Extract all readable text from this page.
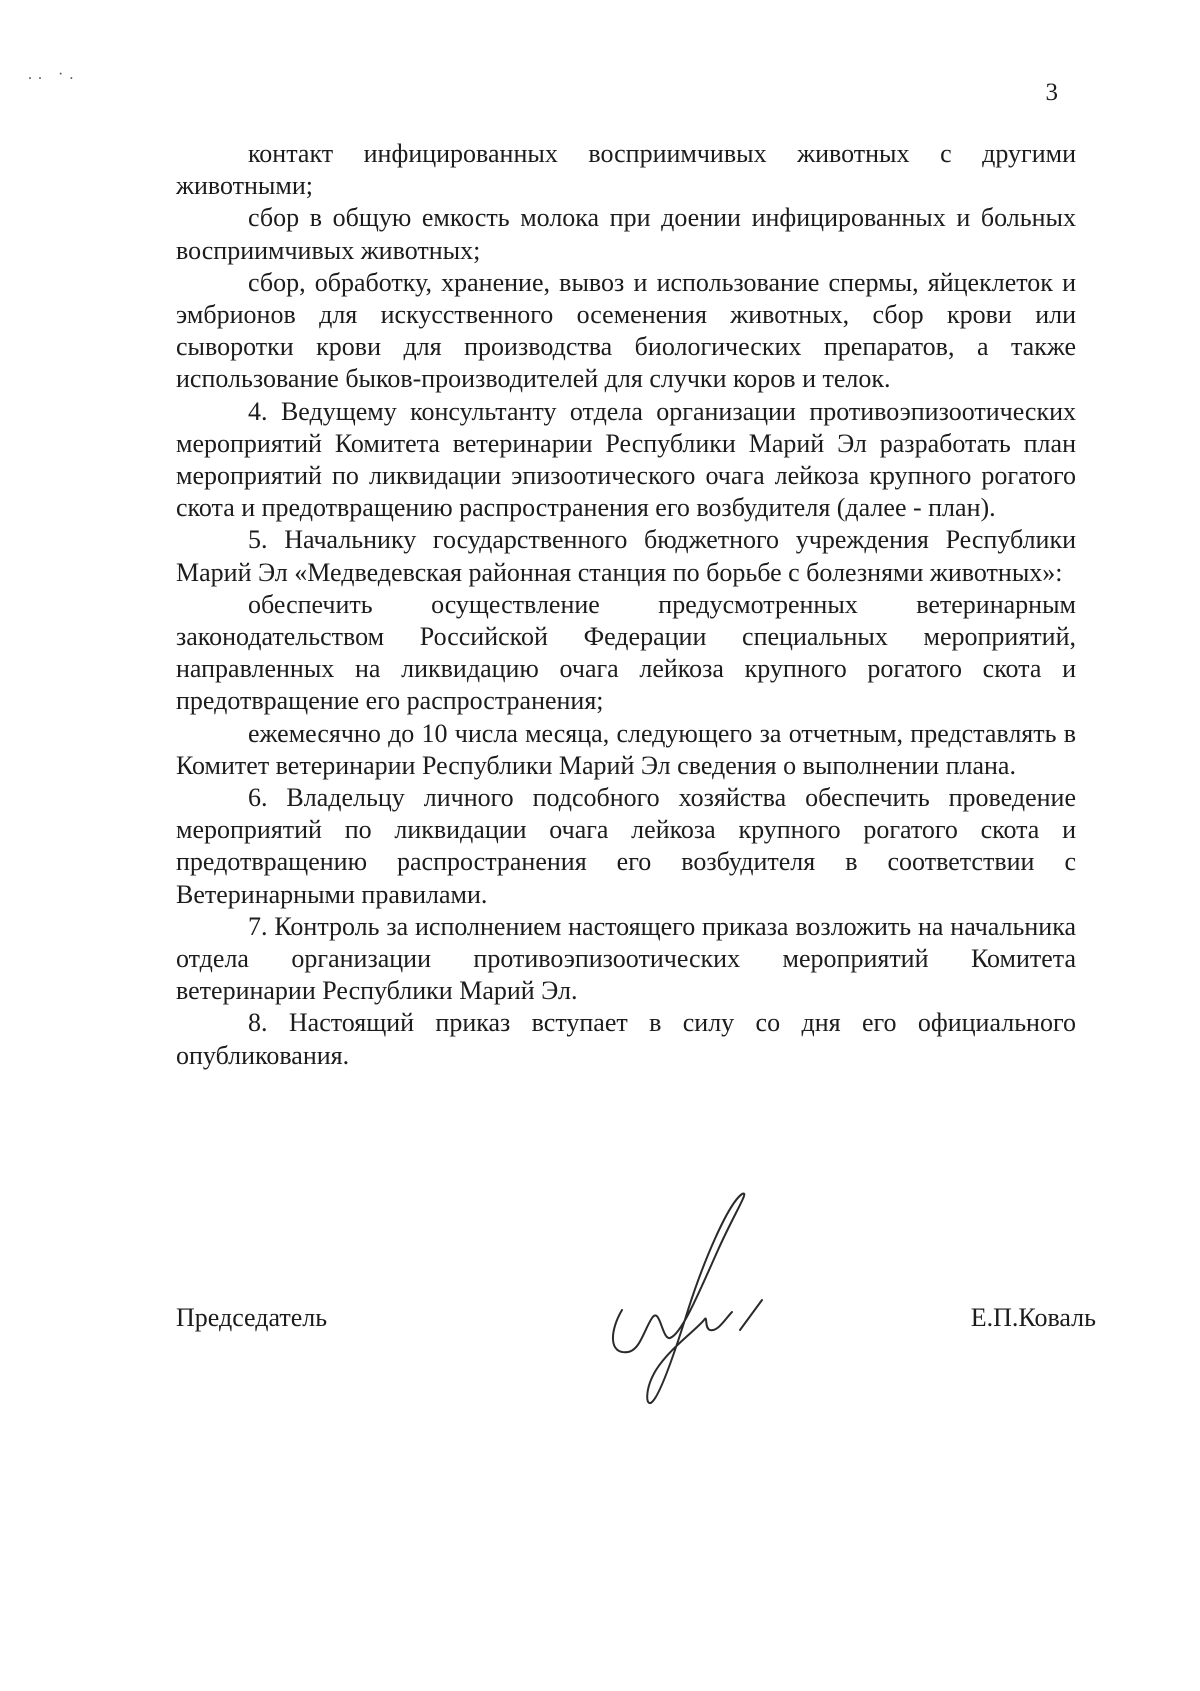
.. ·.
3

контакт инфицированных восприимчивых животных с другими животными;

сбор в общую емкость молока при доении инфицированных и больных восприимчивых животных;

сбор, обработку, хранение, вывоз и использование спермы, яйцеклеток и эмбрионов для искусственного осеменения животных, сбор крови или сыворотки крови для производства биологических препаратов, а также использование быков-производителей для случки коров и телок.

4. Ведущему консультанту отдела организации противоэпизоотических мероприятий Комитета ветеринарии Республики Марий Эл разработать план мероприятий по ликвидации эпизоотического очага лейкоза крупного рогатого скота и предотвращению распространения его возбудителя (далее - план).

5. Начальнику государственного бюджетного учреждения Республики Марий Эл «Медведевская районная станция по борьбе с болезнями животных»:

обеспечить осуществление предусмотренных ветеринарным законодательством Российской Федерации специальных мероприятий, направленных на ликвидацию очага лейкоза крупного рогатого скота и предотвращение его распространения;

ежемесячно до 10 числа месяца, следующего за отчетным, представлять в Комитет ветеринарии Республики Марий Эл сведения о выполнении плана.

6. Владельцу личного подсобного хозяйства обеспечить проведение мероприятий по ликвидации очага лейкоза крупного рогатого скота и предотвращению распространения его возбудителя в соответствии с Ветеринарными правилами.

7. Контроль за исполнением настоящего приказа возложить на начальника отдела организации противоэпизоотических мероприятий Комитета ветеринарии Республики Марий Эл.

8. Настоящий приказ вступает в силу со дня его официального опубликования.

Председатель	Е.П.Коваль
